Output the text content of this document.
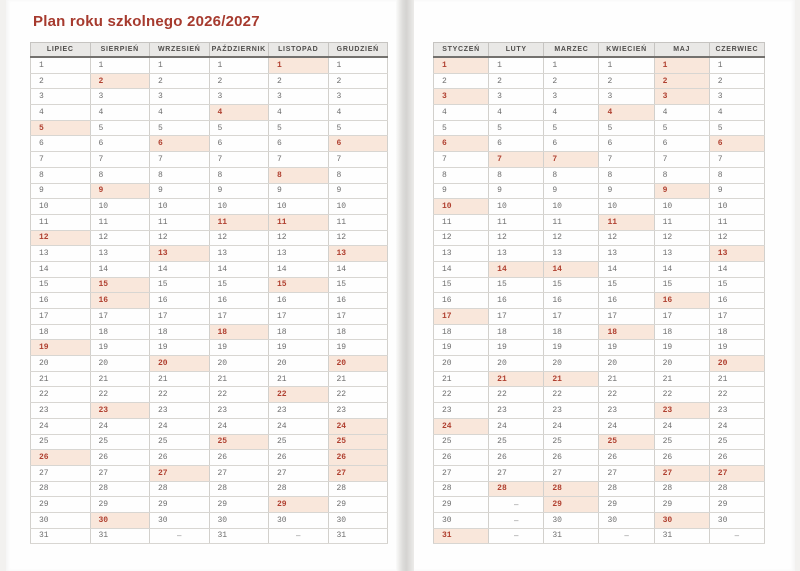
Plan roku szkolnego 2026/2027
LIPIEC	SIERPIEŃ	WRZESIEŃ	PAŹDZIERNIK	LISTOPAD	GRUDZIEŃ
1	1	1	1	1	1
2	2	2	2	2	2
3	3	3	3	3	3
4	4	4	4	4	4
5	5	5	5	5	5
6	6	6	6	6	6
7	7	7	7	7	7
8	8	8	8	8	8
9	9	9	9	9	9
10	10	10	10	10	10
11	11	11	11	11	11
12	12	12	12	12	12
13	13	13	13	13	13
14	14	14	14	14	14
15	15	15	15	15	15
16	16	16	16	16	16
17	17	17	17	17	17
18	18	18	18	18	18
19	19	19	19	19	19
20	20	20	20	20	20
21	21	21	21	21	21
22	22	22	22	22	22
23	23	23	23	23	23
24	24	24	24	24	24
25	25	25	25	25	25
26	26	26	26	26	26
27	27	27	27	27	27
28	28	28	28	28	28
29	29	29	29	29	29
30	30	30	30	30	30
31	31	–	31	–	31
STYCZEŃ	LUTY	MARZEC	KWIECIEŃ	MAJ	CZERWIEC
1	1	1	1	1	1
2	2	2	2	2	2
3	3	3	3	3	3
4	4	4	4	4	4
5	5	5	5	5	5
6	6	6	6	6	6
7	7	7	7	7	7
8	8	8	8	8	8
9	9	9	9	9	9
10	10	10	10	10	10
11	11	11	11	11	11
12	12	12	12	12	12
13	13	13	13	13	13
14	14	14	14	14	14
15	15	15	15	15	15
16	16	16	16	16	16
17	17	17	17	17	17
18	18	18	18	18	18
19	19	19	19	19	19
20	20	20	20	20	20
21	21	21	21	21	21
22	22	22	22	22	22
23	23	23	23	23	23
24	24	24	24	24	24
25	25	25	25	25	25
26	26	26	26	26	26
27	27	27	27	27	27
28	28	28	28	28	28
29	–	29	29	29	29
30	–	30	30	30	30
31	–	31	–	31	–
